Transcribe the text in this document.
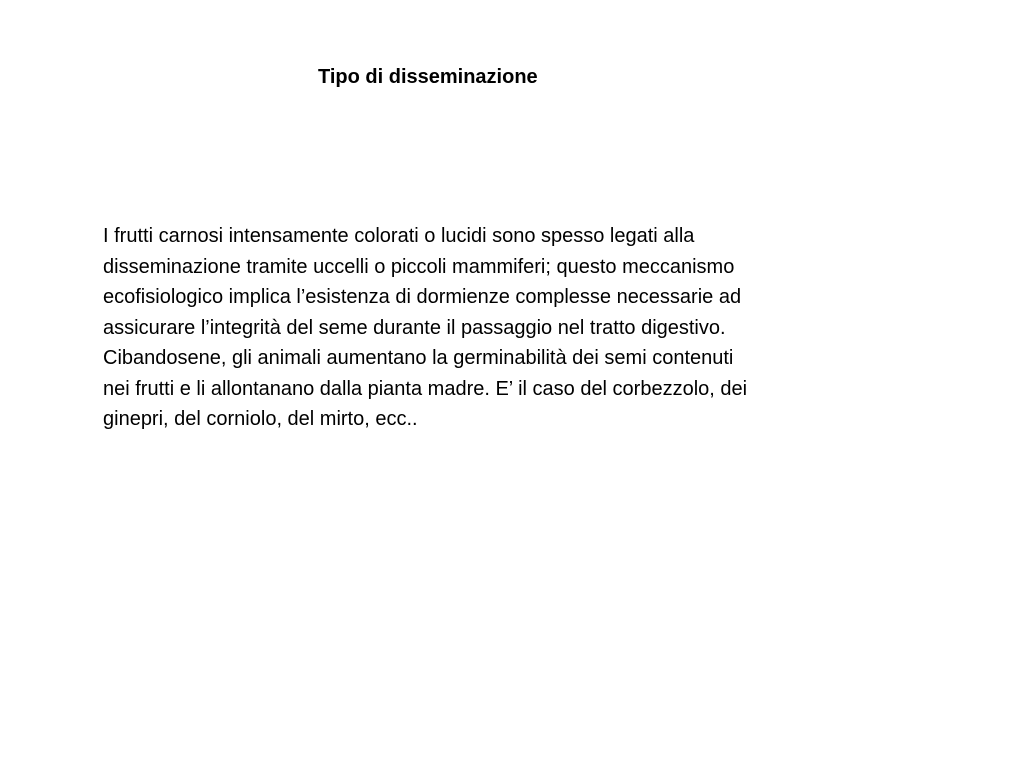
Tipo di disseminazione

I frutti carnosi intensamente colorati o lucidi sono spesso legati alla
disseminazione tramite uccelli o piccoli mammiferi; questo meccanismo
ecofisiologico implica l’esistenza di dormienze complesse necessarie ad
assicurare l’integrità del seme durante il passaggio nel tratto digestivo.
Cibandosene, gli animali aumentano la germinabilità dei semi contenuti
nei frutti e li allontanano dalla pianta madre. E’ il caso del corbezzolo, dei
ginepri, del corniolo, del mirto, ecc..
